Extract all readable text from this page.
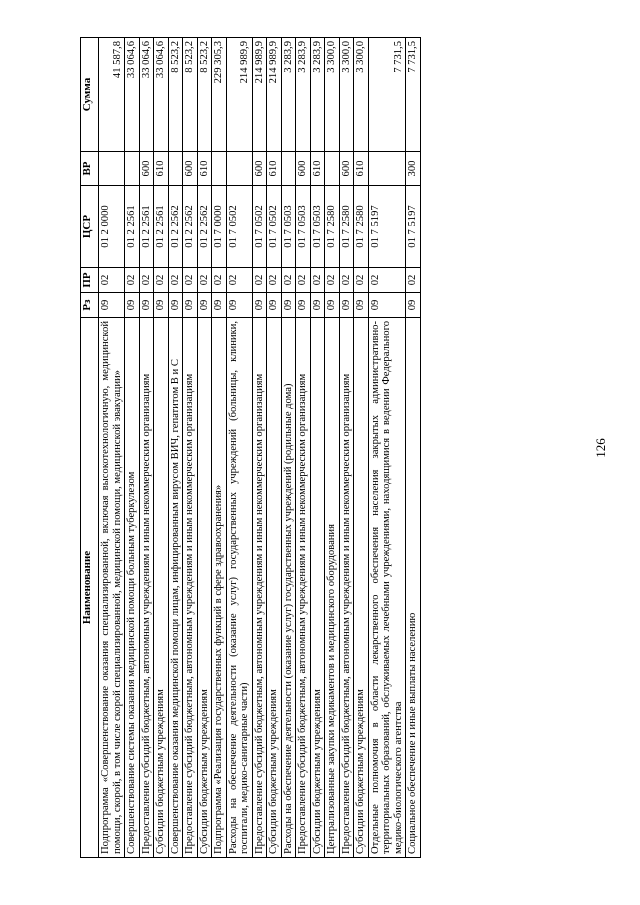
126
Наименование	Рз	ПР	ЦСР	ВР	Сумма
Подпрограмма «Совершенствование оказания специализированной, включая высокотехнологичную, медицинской помощи, скорой, в том числе скорой специализированной, медицинской помощи, медицинской эвакуации»	09	02	01 2 0000		41 587,8
Совершенствование системы оказания медицинской помощи больным туберкулезом	09	02	01 2 2561		33 064,6
Предоставление субсидий бюджетным, автономным учреждениям и иным некоммерческим организациям	09	02	01 2 2561	600	33 064,6
Субсидии бюджетным учреждениям	09	02	01 2 2561	610	33 064,6
Совершенствование оказания медицинской помощи лицам, инфицированным вирусом ВИЧ, гепатитом В и С	09	02	01 2 2562		8 523,2
Предоставление субсидий бюджетным, автономным учреждениям и иным некоммерческим организациям	09	02	01 2 2562	600	8 523,2
Субсидии бюджетным учреждениям	09	02	01 2 2562	610	8 523,2
Подпрограмма «Реализация государственных функций в сфере здравоохранения»	09	02	01 7 0000		229 305,3
Расходы на обеспечение деятельности (оказание услуг) государственных учреждений (больницы, клиники, госпитали, медико-санитарные части)	09	02	01 7 0502		214 989,9
Предоставление субсидий бюджетным, автономным учреждениям и иным некоммерческим организациям	09	02	01 7 0502	600	214 989,9
Субсидии бюджетным учреждениям	09	02	01 7 0502	610	214 989,9
Расходы на обеспечение деятельности (оказание услуг) государственных учреждений (родильные дома)	09	02	01 7 0503		3 283,9
Предоставление субсидий бюджетным, автономным учреждениям и иным некоммерческим организациям	09	02	01 7 0503	600	3 283,9
Субсидии бюджетным учреждениям	09	02	01 7 0503	610	3 283,9
Централизованные закупки медикаментов и медицинского оборудования	09	02	01 7 2580		3 300,0
Предоставление субсидий бюджетным, автономным учреждениям и иным некоммерческим организациям	09	02	01 7 2580	600	3 300,0
Субсидии бюджетным учреждениям	09	02	01 7 2580	610	3 300,0
Отдельные полномочия в области лекарственного обеспечения населения закрытых административно-территориальных образований, обслуживаемых лечебными учреждениями, находящимися в ведении Федерального медико-биологического агентства	09	02	01 7 5197		7 731,5
Социальное обеспечение и иные выплаты населению	09	02	01 7 5197	300	7 731,5
